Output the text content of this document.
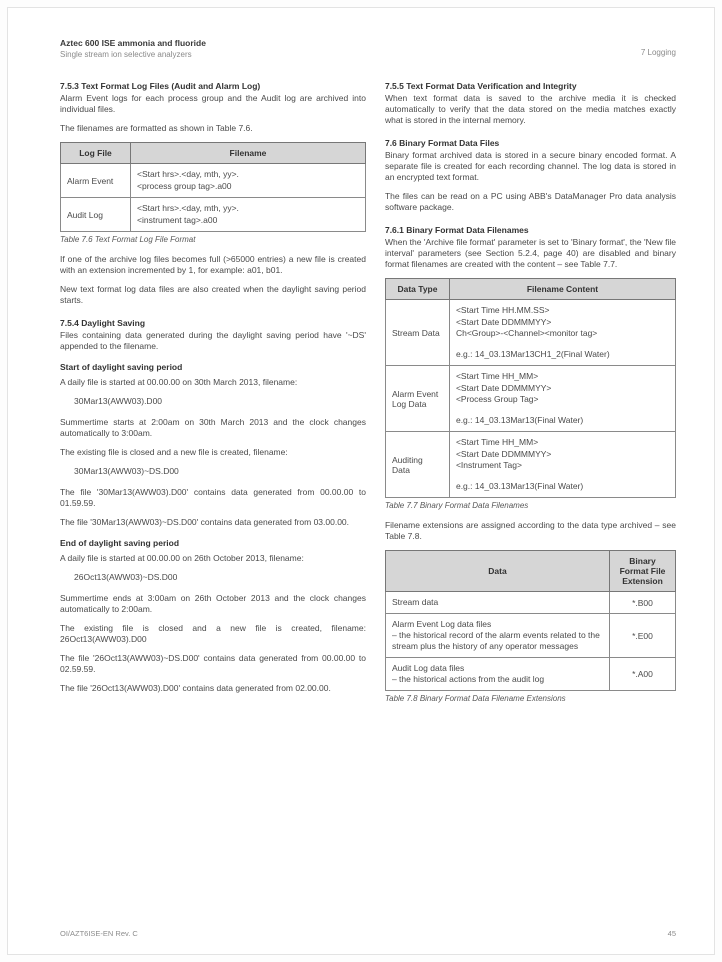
Aztec 600 ISE ammonia and fluoride
Single stream ion selective analyzers	7 Logging
7.5.3 Text Format Log Files (Audit and Alarm Log)

Alarm Event logs for each process group and the Audit log are archived into individual files.

The filenames are formatted as shown in Table 7.6.

Log File	Filename
Alarm Event	<Start hrs>.<day, mth, yy>.
<process group tag>.a00

Audit Log	<Start hrs>.<day, mth, yy>.
<instrument tag>.a00
Table 7.6 Text Format Log File Format

If one of the archive log files becomes full (>65000 entries) a new file is created with an extension incremented by 1, for example: a01, b01.

New text format log data files are also created when the daylight saving period starts.

7.5.4 Daylight Saving

Files containing data generated during the daylight saving period have '~DS' appended to the filename.

Start of daylight saving period

A daily file is started at 00.00.00 on 30th March 2013, filename:

30Mar13(AWW03).D00

Summertime starts at 2:00am on 30th March 2013 and the clock changes automatically to 3:00am.

The existing file is closed and a new file is created, filename:

30Mar13(AWW03)~DS.D00

The file '30Mar13(AWW03).D00' contains data generated from 00.00.00 to 01.59.59.

The file '30Mar13(AWW03)~DS.D00' contains data generated from 03.00.00.

End of daylight saving period

A daily file is started at 00.00.00 on 26th October 2013, filename:

26Oct13(AWW03)~DS.D00

Summertime ends at 3:00am on 26th October 2013 and the clock changes automatically to 2:00am.

The existing file is closed and a new file is created, filename: 26Oct13(AWW03).D00

The file '26Oct13(AWW03)~DS.D00' contains data generated from 00.00.00 to 02.59.59.

The file '26Oct13(AWW03).D00' contains data generated from 02.00.00.

7.5.5 Text Format Data Verification and Integrity

When text format data is saved to the archive media it is checked automatically to verify that the data stored on the media matches exactly what is stored in the internal memory.

7.6 Binary Format Data Files

Binary format archived data is stored in a secure binary encoded format. A separate file is created for each recording channel. The log data is stored in an encrypted text format.

The files can be read on a PC using ABB's DataManager Pro data analysis software package.

7.6.1 Binary Format Data Filenames

When the 'Archive file format' parameter is set to 'Binary format', the 'New file interval' parameters (see Section 5.2.4, page 40) are disabled and binary format filenames are created with the content – see Table 7.7.

Data Type	Filename Content
Stream Data	<Start Time HH.MM.SS>
<Start Date DDMMMYY>
Ch<Group>-<Channel><monitor tag>
e.g.: 14_03.13Mar13CH1_2(Final Water)

Alarm Event Log Data	<Start Time HH_MM>
<Start Date DDMMMYY>
<Process Group Tag>
e.g.: 14_03.13Mar13(Final Water)

Auditing Data	<Start Time HH_MM>
<Start Date DDMMMYY>
<Instrument Tag>
e.g.: 14_03.13Mar13(Final Water)
Table 7.7 Binary Format Data Filenames

Filename extensions are assigned according to the data type archived – see Table 7.8.

Data	Binary Format File Extension

Stream data	*.B00

Alarm Event Log data files
– the historical record of the alarm events related to the stream plus the history of any operator messages	*.E00

Audit Log data files
– the historical actions from the audit log	*.A00
Table 7.8 Binary Format Data Filename Extensions
OI/AZT6ISE-EN Rev. C	45
